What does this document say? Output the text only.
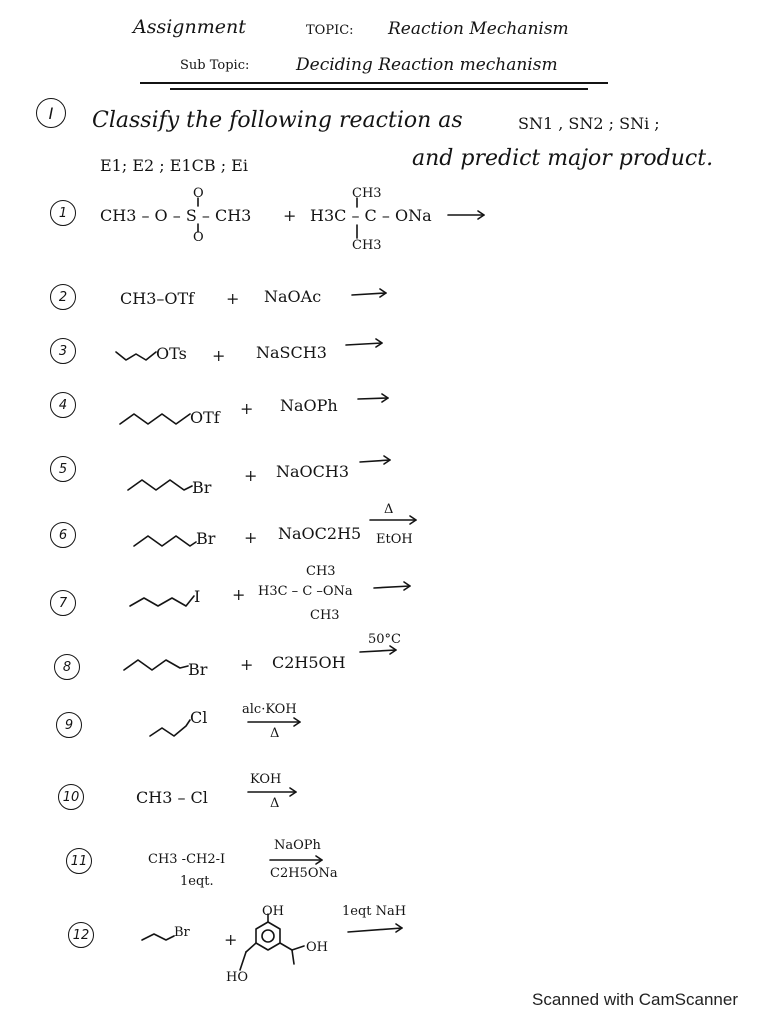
Assignment	TOPIC: Reaction Mechanism
Sub Topic:	Deciding Reaction mechanism
I	Classify the following reaction as	SN1 , SN2 ; SNi ;
E1; E2 ; E1CB ; Ei	and predict major product.
1
O
CH3 – O – S – CH3
O
+
CH3
H3C – C – ONa
CH3
2	CH3–OTf + NaOAc
3	OTs + NaSCH3
4
OTf + NaOPh
5
Br
+ NaOCH3
6	Br + NaOC2H5
Δ
EtOH
7	I +
CH3
H3C – C –ONa
CH3
8	Br + C2H5OH
50°C
9	Cl	alc·KOH
Δ
10	CH3 – Cl
KOH
Δ
11	CH3 -CH2-I
1eqt.
NaOPh
C2H5ONa
12	Br +
OH
OH
HO
1eqt NaH
Scanned with CamScanner
